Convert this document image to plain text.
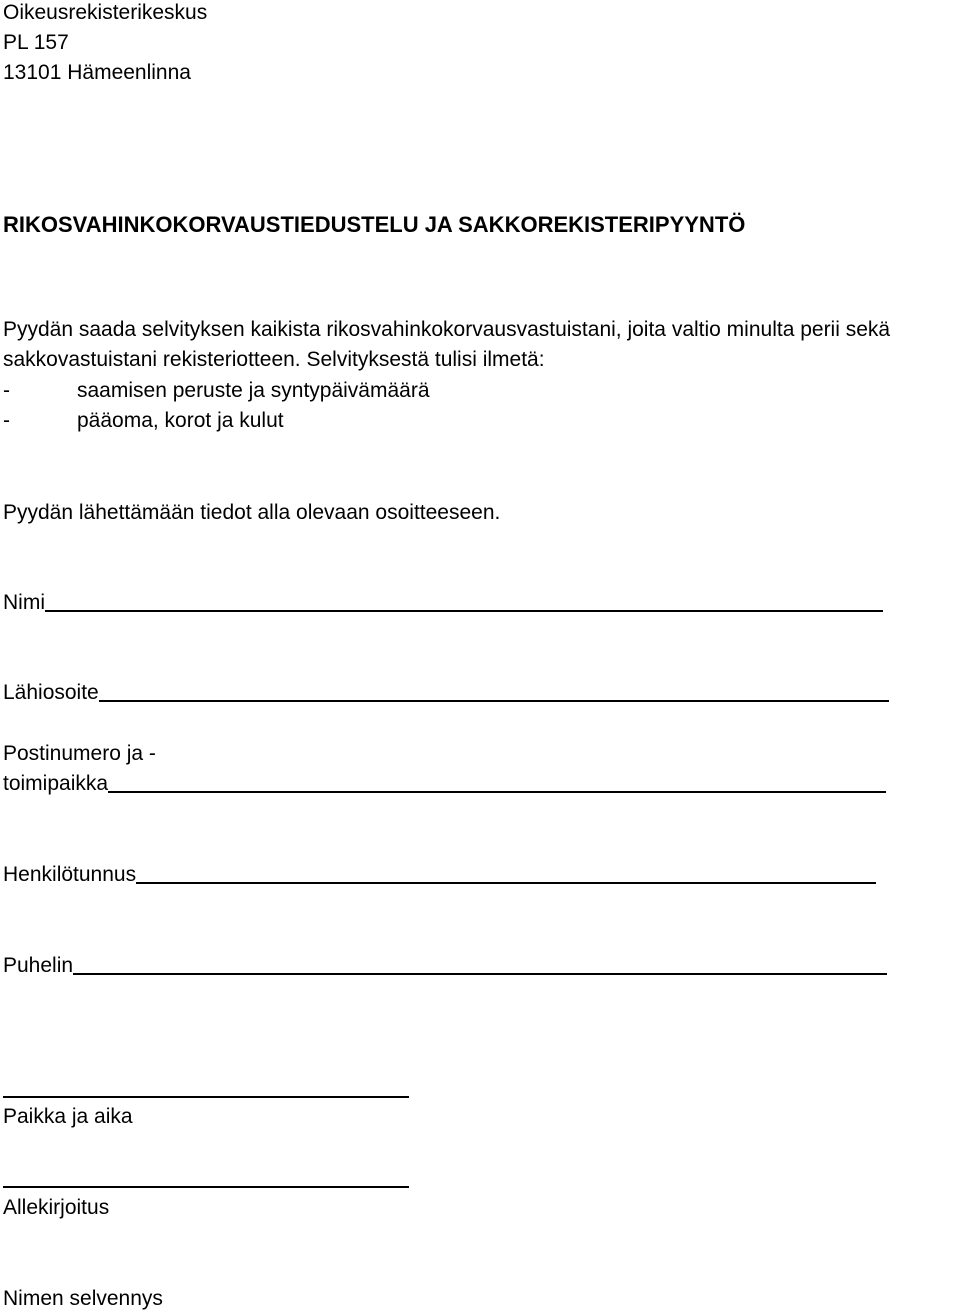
Oikeusrekisterikeskus
PL 157
13101 Hämeenlinna
RIKOSVAHINKOKORVAUSTIEDUSTELU JA SAKKOREKISTERIPYYNTÖ
Pyydän saada selvityksen kaikista rikosvahinkokorvausvastuistani, joita valtio minulta perii sekä
sakkovastuistani rekisteriotteen. Selvityksestä tulisi ilmetä:
-	saamisen peruste ja syntypäivämäärä
-	pääoma, korot ja kulut
Pyydän lähettämään tiedot alla olevaan osoitteeseen.
Nimi
Lähiosoite
Postinumero ja -
toimipaikka
Henkilötunnus
Puhelin
Paikka ja aika
Allekirjoitus
Nimen selvennys
